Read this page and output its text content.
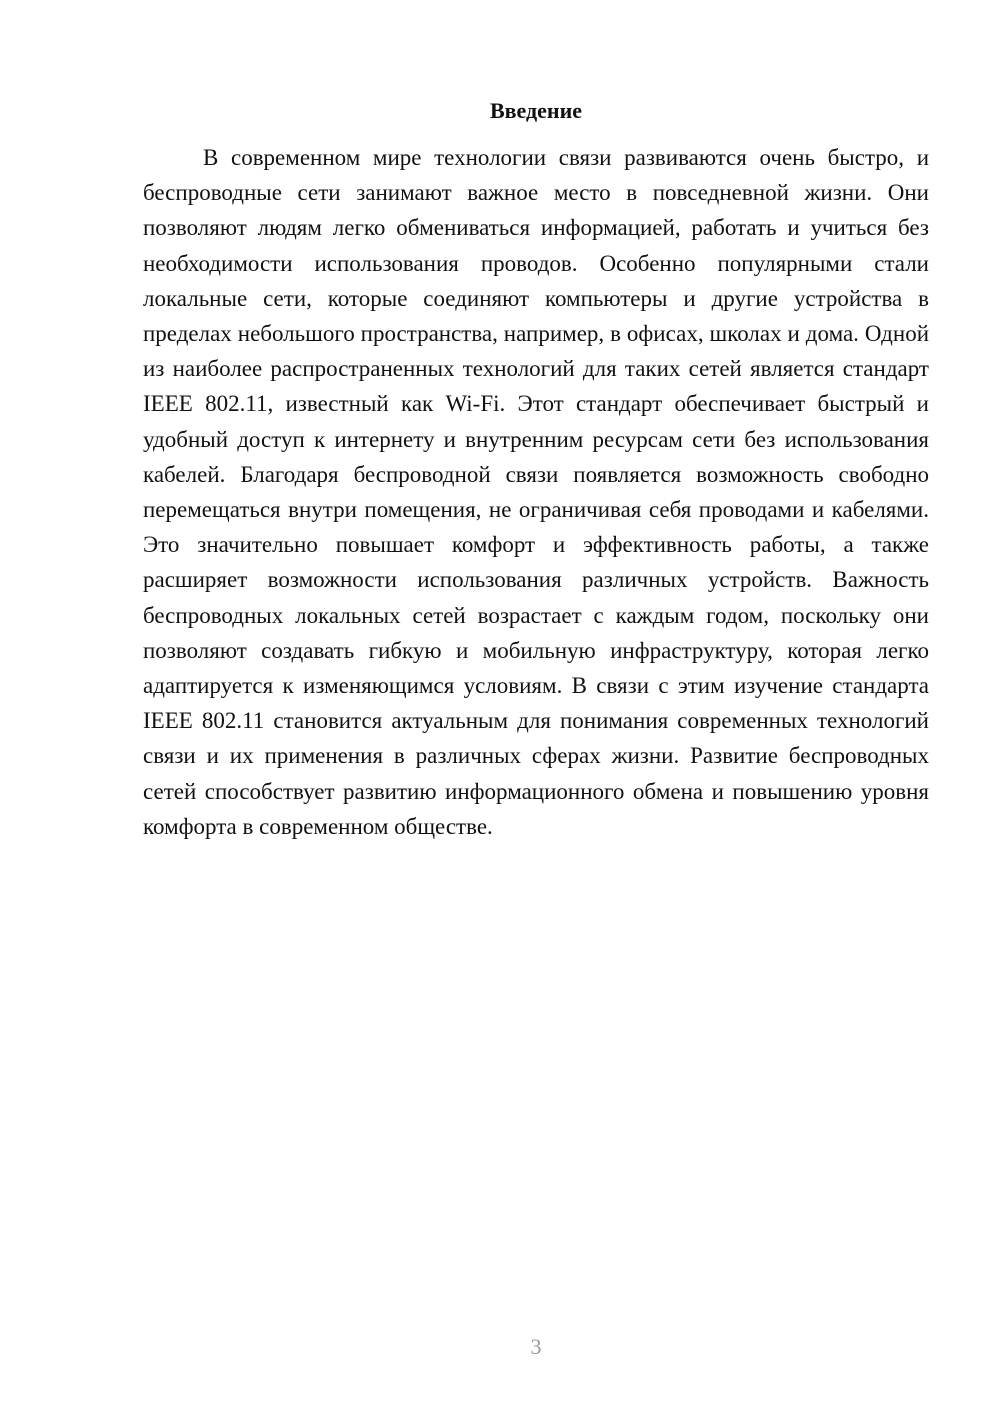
Введение

В современном мире технологии связи развиваются очень быстро, и беспроводные сети занимают важное место в повседневной жизни. Они позволяют людям легко обмениваться информацией, работать и учиться без необходимости использования проводов. Особенно популярными стали локальные сети, которые соединяют компьютеры и другие устройства в пределах небольшого пространства, например, в офисах, школах и дома. Одной из наиболее распространенных технологий для таких сетей является стандарт IEEE 802.11, известный как Wi-Fi. Этот стандарт обеспечивает быстрый и удобный доступ к интернету и внутренним ресурсам сети без использования кабелей. Благодаря беспроводной связи появляется возможность свободно перемещаться внутри помещения, не ограничивая себя проводами и кабелями. Это значительно повышает комфорт и эффективность работы, а также расширяет возможности использования различных устройств. Важность беспроводных локальных сетей возрастает с каждым годом, поскольку они позволяют создавать гибкую и мобильную инфраструктуру, которая легко адаптируется к изменяющимся условиям. В связи с этим изучение стандарта IEEE 802.11 становится актуальным для понимания современных технологий связи и их применения в различных сферах жизни. Развитие беспроводных сетей способствует развитию информационного обмена и повышению уровня комфорта в современном обществе.

3
